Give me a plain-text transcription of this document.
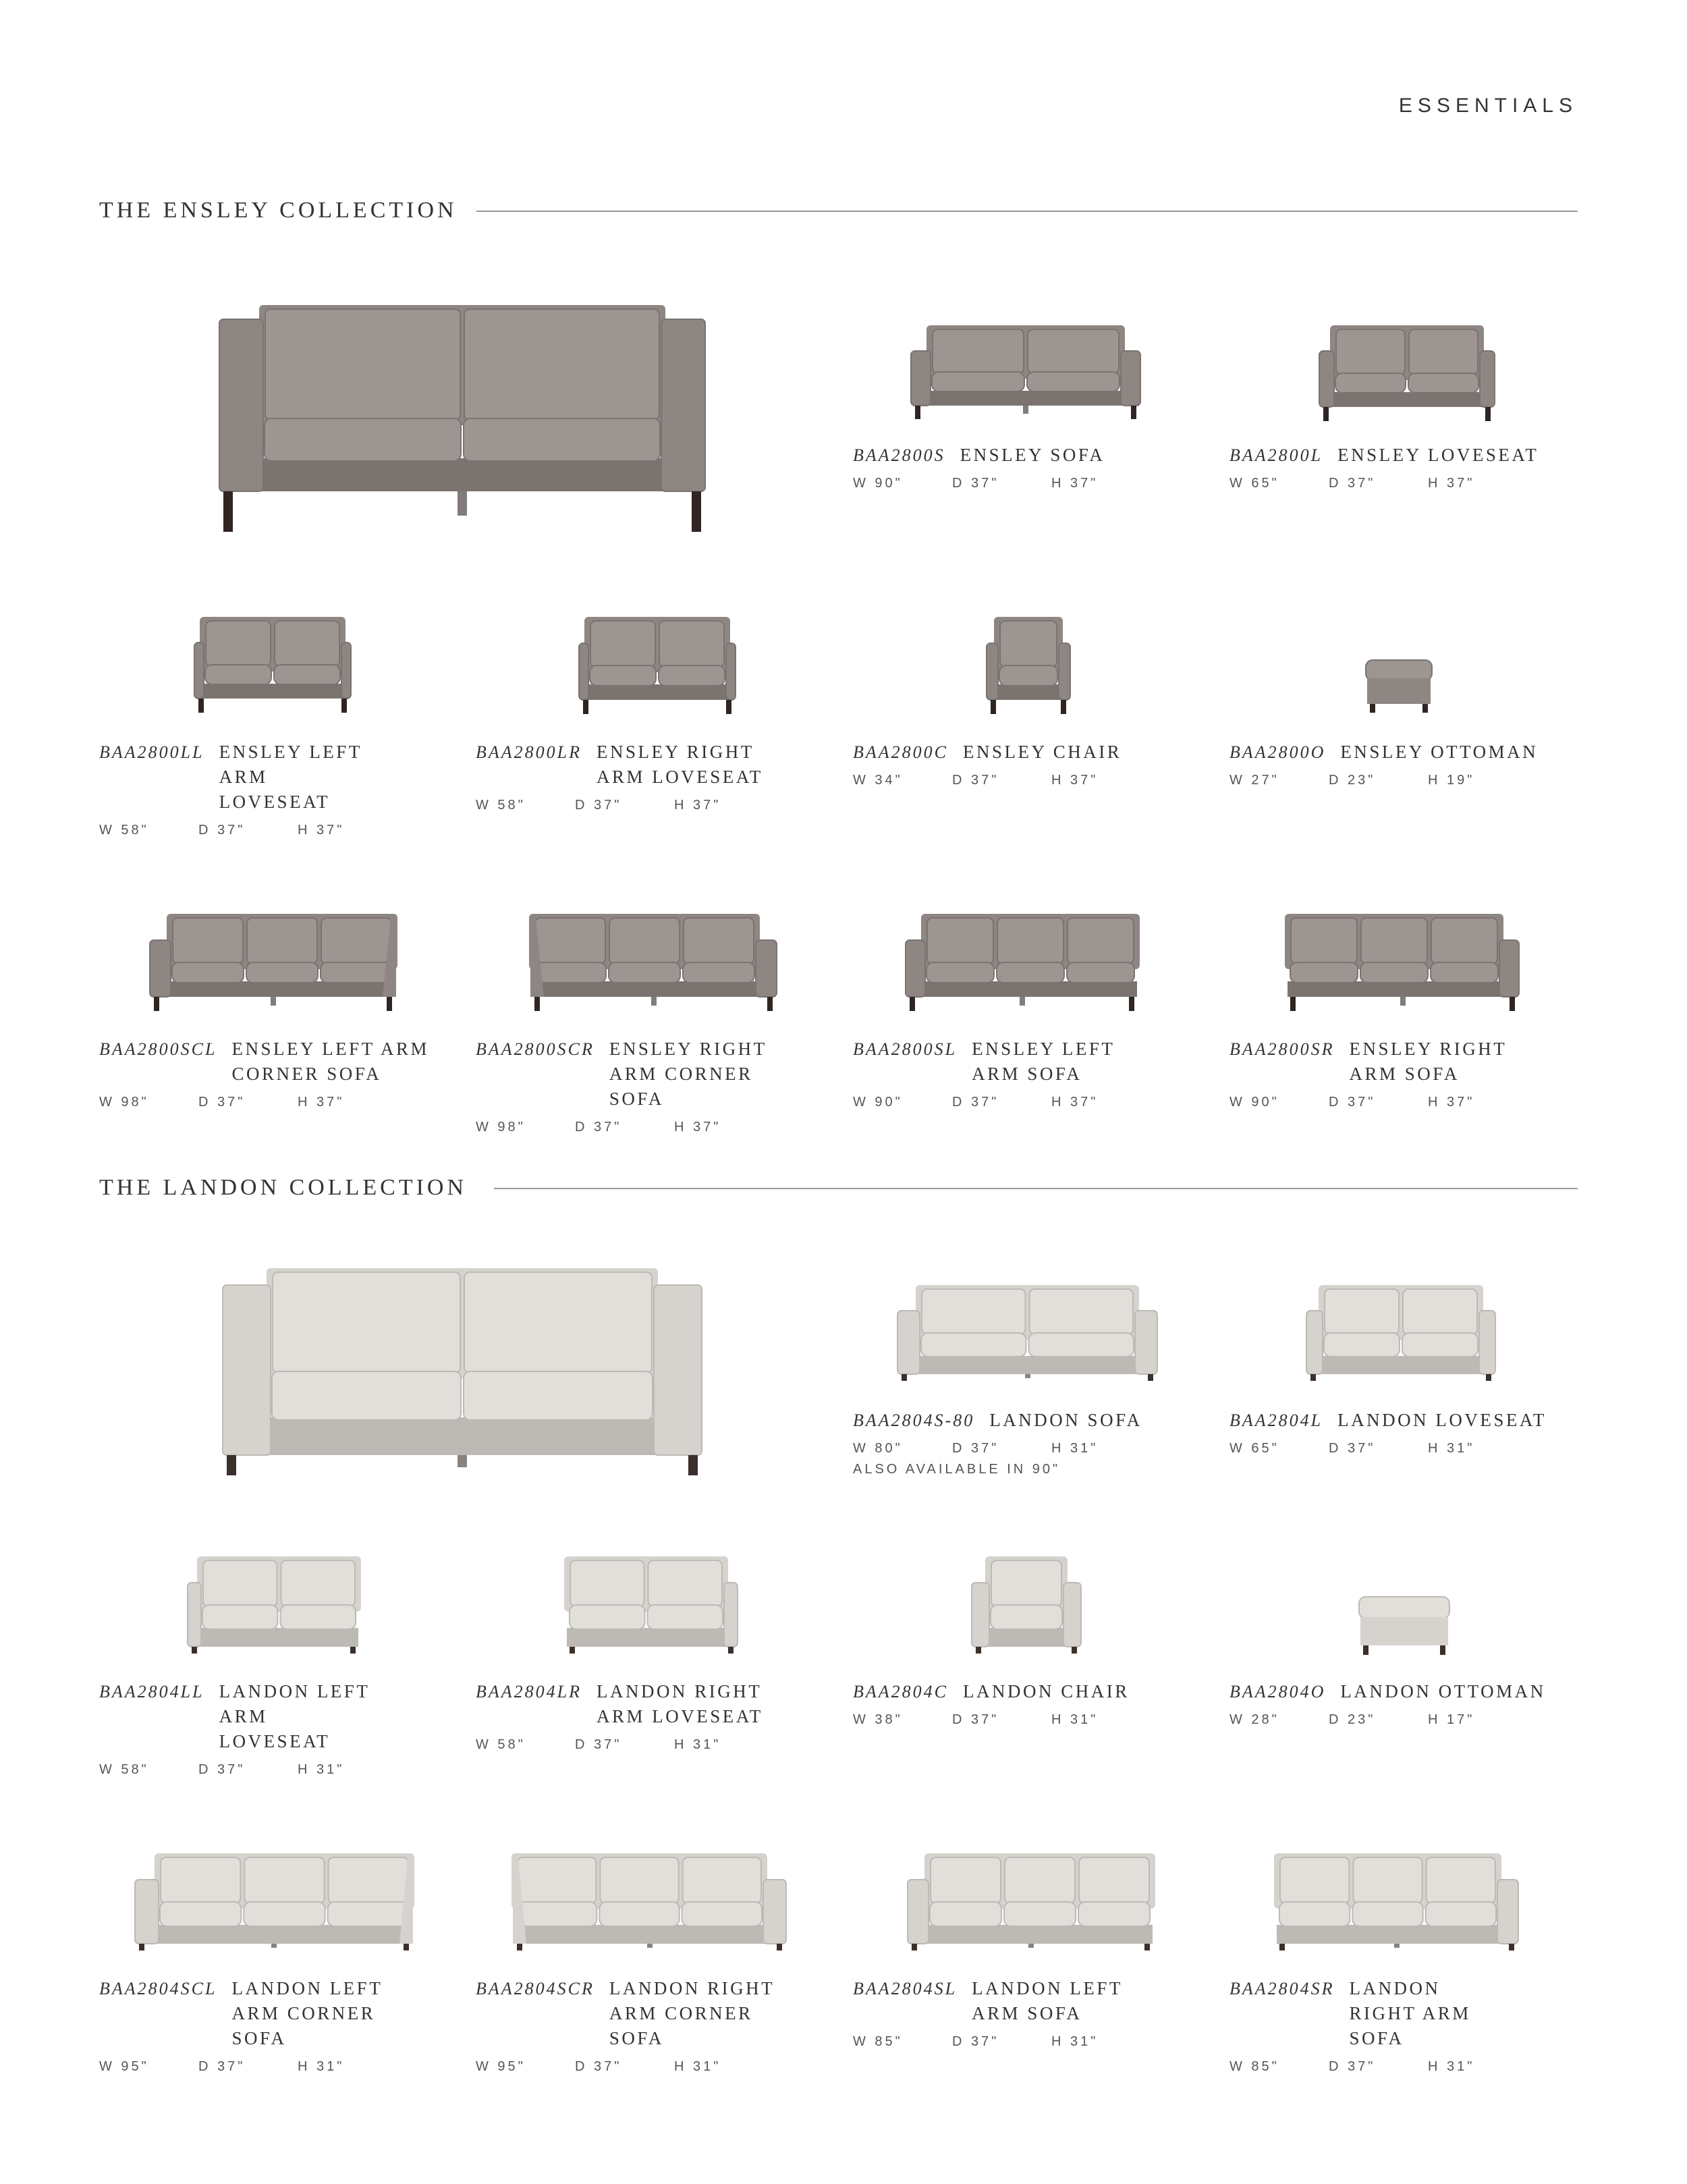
ESSENTIALS
THE ENSLEY COLLECTION
THE LANDON COLLECTION
BAA2800S ENSLEY SOFA
W 90"	D 37"	H 37"
BAA2800L ENSLEY LOVESEAT
W 65"	D 37"	H 37"
BAA2800LL ENSLEY LEFT ARM LOVESEAT
W 58"	D 37"	H 37"
BAA2800LR ENSLEY RIGHT ARM LOVESEAT
W 58"	D 37"	H 37"
BAA2800C ENSLEY CHAIR
W 34"	D 37"	H 37"
BAA2800O ENSLEY OTTOMAN
W 27"	D 23"	H 19"
BAA2800SCL ENSLEY LEFT ARM CORNER SOFA
W 98"	D 37"	H 37"
BAA2800SCR ENSLEY RIGHT ARM CORNER SOFA
W 98"	D 37"	H 37"
BAA2800SL ENSLEY LEFT ARM SOFA
W 90"	D 37"	H 37"
BAA2800SR ENSLEY RIGHT ARM SOFA
W 90"	D 37"	H 37"
BAA2804S-80 LANDON SOFA
W 80"	D 37"	H 31"
ALSO AVAILABLE IN 90"
BAA2804L LANDON LOVESEAT
W 65"	D 37"	H 31"
BAA2804LL LANDON LEFT ARM LOVESEAT
W 58"	D 37"	H 31"
BAA2804LR LANDON RIGHT ARM LOVESEAT
W 58"	D 37"	H 31"
BAA2804C LANDON CHAIR
W 38"	D 37"	H 31"
BAA2804O LANDON OTTOMAN
W 28"	D 23"	H 17"
BAA2804SCL LANDON LEFT ARM CORNER SOFA
W 95"	D 37"	H 31"
BAA2804SCR LANDON RIGHT ARM CORNER SOFA
W 95"	D 37"	H 31"
BAA2804SL LANDON LEFT ARM SOFA
W 85"	D 37"	H 31"
BAA2804SR LANDON RIGHT ARM SOFA
W 85"	D 37"	H 31"
